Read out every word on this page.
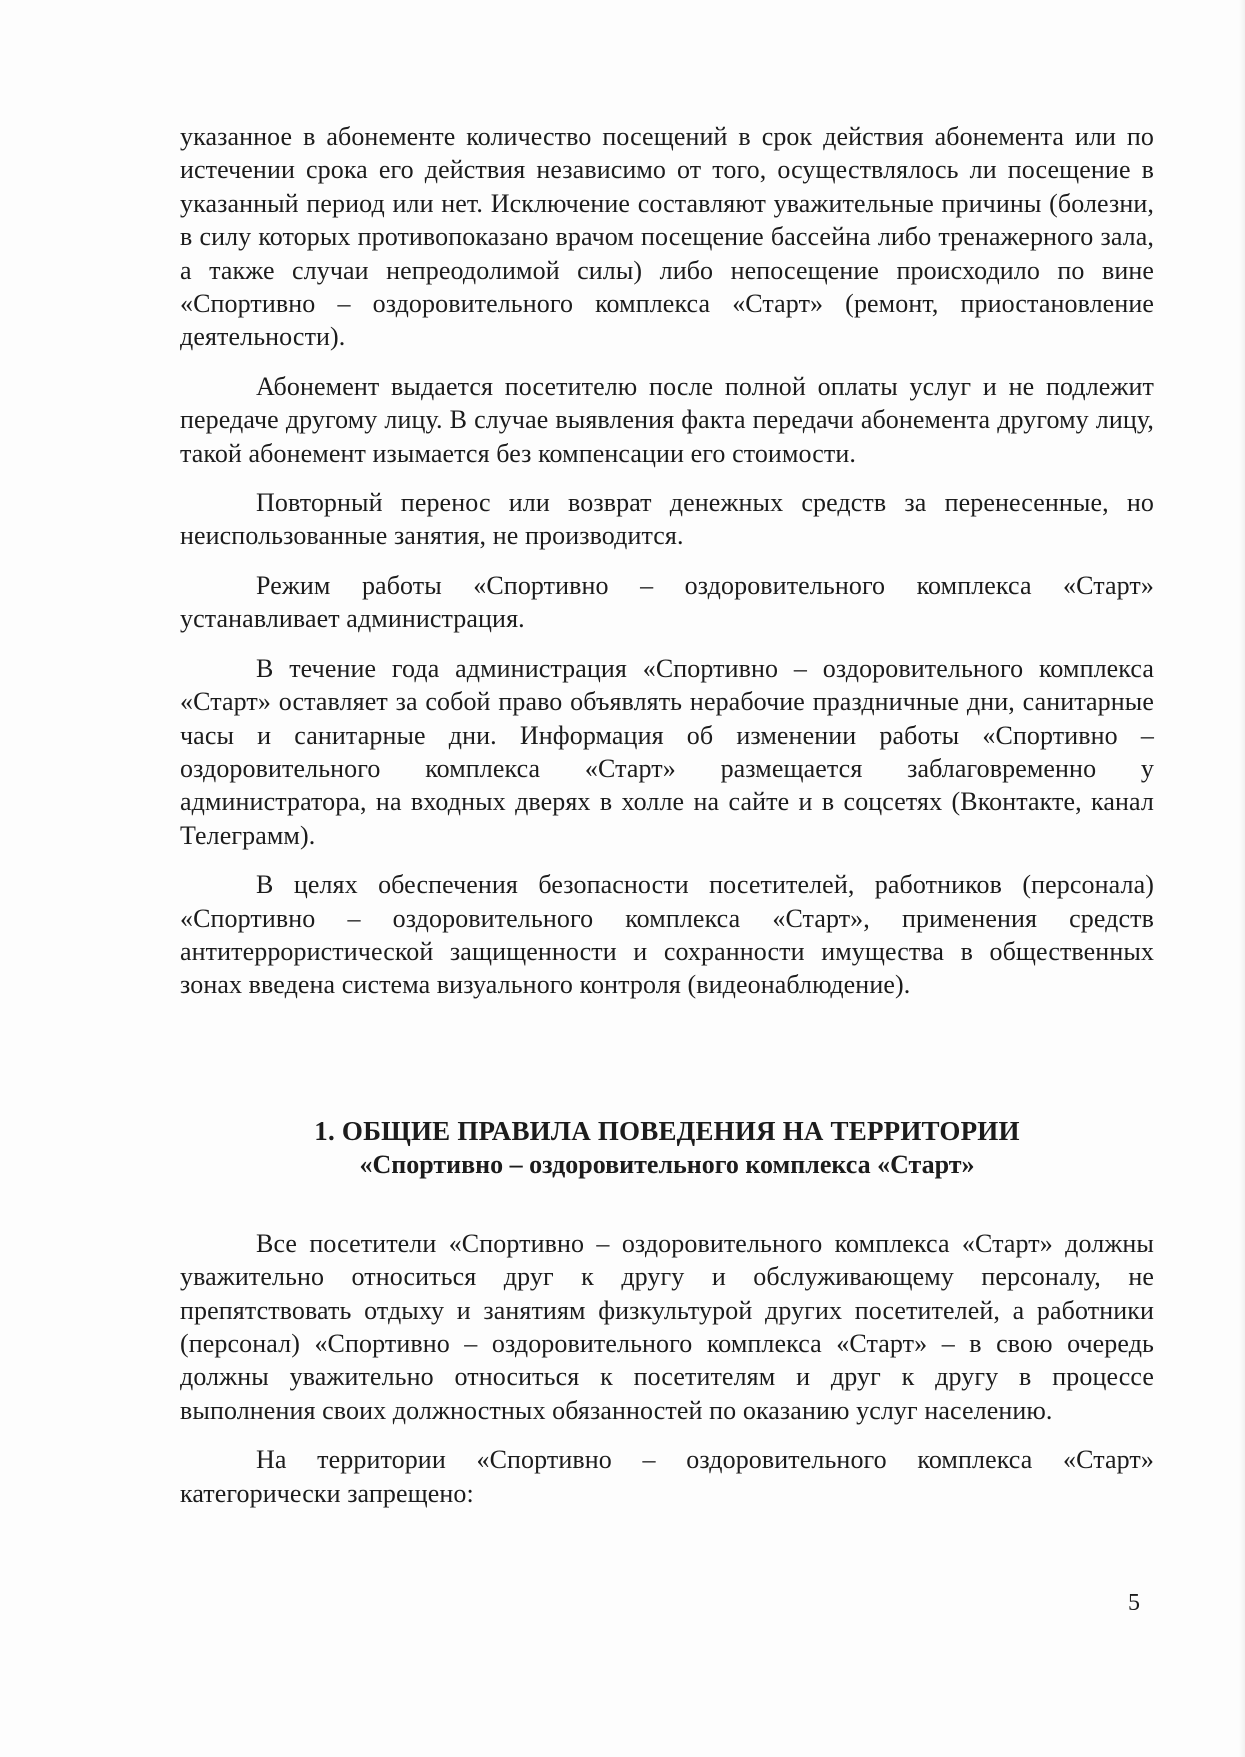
указанное в абонементе количество посещений в срок действия абонемента или по истечении срока его действия независимо от того, осуществлялось ли посещение в указанный период или нет. Исключение составляют уважительные причины (болезни, в силу которых противопоказано врачом посещение бассейна либо тренажерного зала, а также случаи непреодолимой силы) либо непосещение происходило по вине «Спортивно – оздоровительного комплекса «Старт» (ремонт, приостановление деятельности).

Абонемент выдается посетителю после полной оплаты услуг и не подлежит передаче другому лицу. В случае выявления факта передачи абонемента другому лицу, такой абонемент изымается без компенсации его стоимости.

Повторный перенос или возврат денежных средств за перенесенные, но неиспользованные занятия, не производится.

Режим работы «Спортивно – оздоровительного комплекса «Старт» устанавливает администрация.

В течение года администрация «Спортивно – оздоровительного комплекса «Старт» оставляет за собой право объявлять нерабочие праздничные дни, санитарные часы и санитарные дни. Информация об изменении работы «Спортивно – оздоровительного комплекса «Старт» размещается заблаговременно у администратора, на входных дверях в холле на сайте и в соцсетях (Вконтакте, канал Телеграмм).

В целях обеспечения безопасности посетителей, работников (персонала) «Спортивно – оздоровительного комплекса «Старт», применения средств антитеррористической защищенности и сохранности имущества в общественных зонах введена система визуального контроля (видеонаблюдение).

1. ОБЩИЕ ПРАВИЛА ПОВЕДЕНИЯ НА ТЕРРИТОРИИ

«Спортивно – оздоровительного комплекса «Старт»

Все посетители «Спортивно – оздоровительного комплекса «Старт» должны уважительно относиться друг к другу и обслуживающему персоналу, не препятствовать отдыху и занятиям физкультурой других посетителей, а работники (персонал) «Спортивно – оздоровительного комплекса «Старт» – в свою очередь должны уважительно относиться к посетителям и друг к другу в процессе выполнения своих должностных обязанностей по оказанию услуг населению.

На территории «Спортивно – оздоровительного комплекса «Старт» категорически запрещено:

5
